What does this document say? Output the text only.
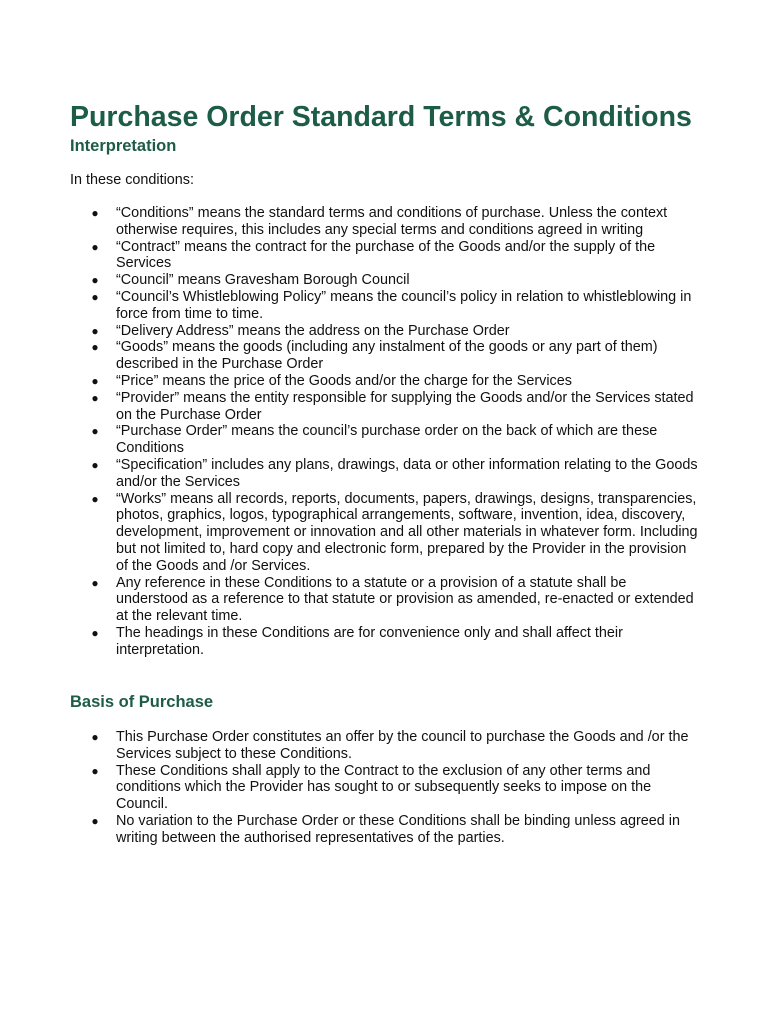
Purchase Order Standard Terms & Conditions
Interpretation

In these conditions:

● “Conditions” means the standard terms and conditions of purchase. Unless the context otherwise requires, this includes any special terms and conditions agreed in writing
● “Contract” means the contract for the purchase of the Goods and/or the supply of the Services
● “Council” means Gravesham Borough Council
● “Council’s Whistleblowing Policy” means the council’s policy in relation to whistleblowing in force from time to time.
● “Delivery Address” means the address on the Purchase Order
● “Goods” means the goods (including any instalment of the goods or any part of them) described in the Purchase Order
● “Price” means the price of the Goods and/or the charge for the Services
● “Provider” means the entity responsible for supplying the Goods and/or the Services stated on the Purchase Order
● “Purchase Order” means the council’s purchase order on the back of which are these Conditions
● “Specification” includes any plans, drawings, data or other information relating to the Goods and/or the Services
● “Works” means all records, reports, documents, papers, drawings, designs, transparencies, photos, graphics, logos, typographical arrangements, software, invention, idea, discovery, development, improvement or innovation and all other materials in whatever form. Including but not limited to, hard copy and electronic form, prepared by the Provider in the provision of the Goods and /or Services.
● Any reference in these Conditions to a statute or a provision of a statute shall be understood as a reference to that statute or provision as amended, re-enacted or extended at the relevant time.
● The headings in these Conditions are for convenience only and shall affect their interpretation.
Basis of Purchase
● This Purchase Order constitutes an offer by the council to purchase the Goods and /or the Services subject to these Conditions.
● These Conditions shall apply to the Contract to the exclusion of any other terms and conditions which the Provider has sought to or subsequently seeks to impose on the Council.
● No variation to the Purchase Order or these Conditions shall be binding unless agreed in writing between the authorised representatives of the parties.
